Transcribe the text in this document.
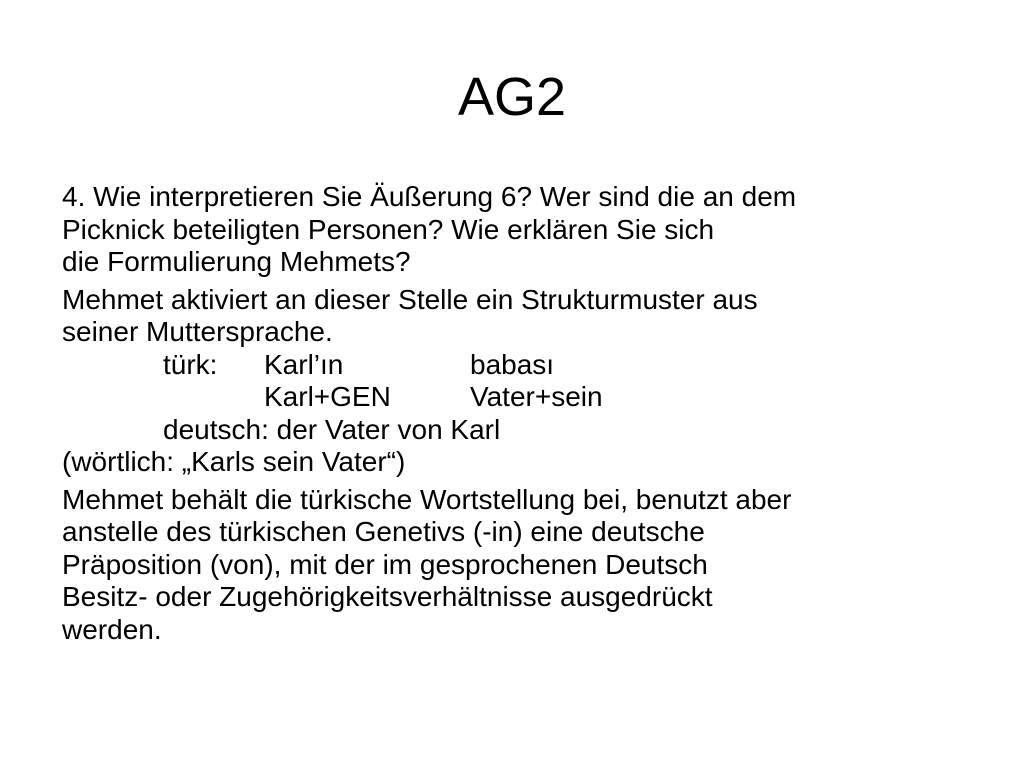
AG2
4. Wie interpretieren Sie Äußerung 6? Wer sind die an dem
Picknick beteiligten Personen? Wie erklären Sie sich
die Formulierung Mehmets?
Mehmet aktiviert an dieser Stelle ein Strukturmuster aus
seiner Muttersprache.
türk: Karl’ın	babası
Karl+GEN	Vater+sein
deutsch: der Vater von Karl
(wörtlich: „Karls sein Vater“)
Mehmet behält die türkische Wortstellung bei, benutzt aber
anstelle des türkischen Genetivs (-in) eine deutsche
Präposition (von), mit der im gesprochenen Deutsch
Besitz- oder Zugehörigkeitsverhältnisse ausgedrückt
werden.
